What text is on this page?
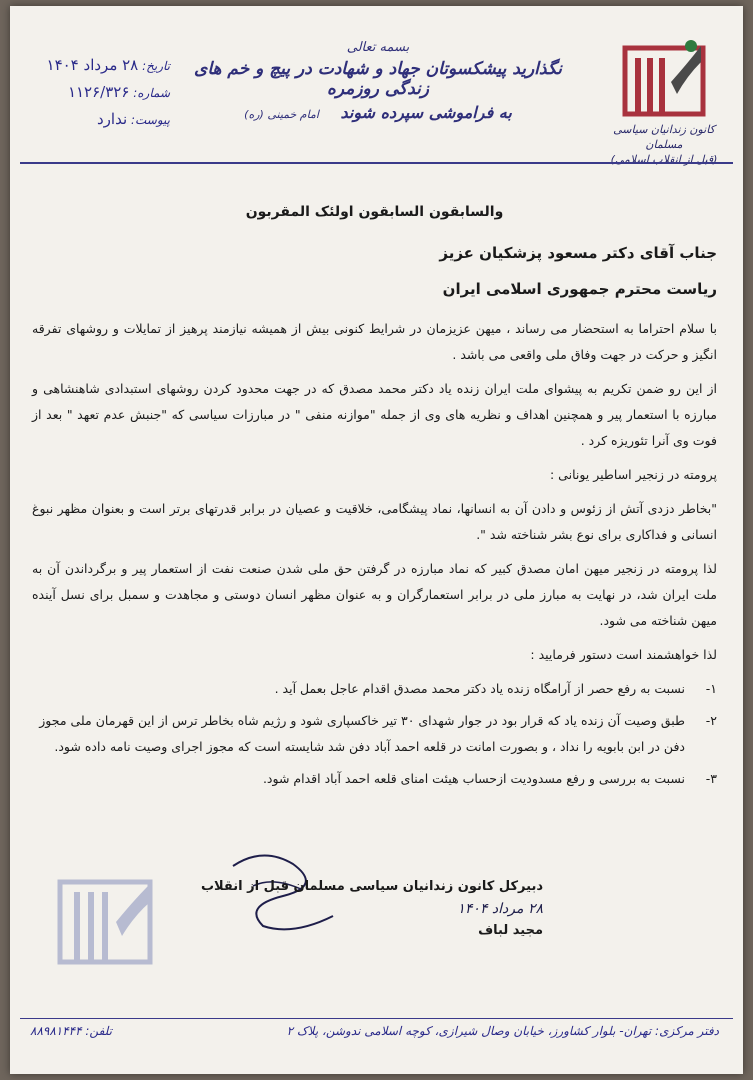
کانون زندانیان سیاسی مسلمان
(قبل از انقلاب اسلامی)
بسمه تعالی
نگذارید پیشکسوتان جهاد و شهادت در پیچ و خم های زندگی روزمره
به فراموشی سپرده شوند امام خمینی (ره)
تاریخ: ۲۸ مرداد ۱۴۰۴
شماره: ۱۱۲۶/۳۲۶
پیوست: ندارد
والسابقون السابقون اولئک المقربون
جناب آقای دکتر مسعود پزشکیان عزیز
ریاست محترم جمهوری اسلامی ایران

با سلام احتراما به استحضار می رساند ، میهن عزیزمان در شرایط کنونی بیش از همیشه نیازمند پرهیز از تمایلات و روشهای تفرقه انگیز و حرکت در جهت وفاق ملی واقعی می باشد .

از این رو ضمن تکریم به پیشوای ملت ایران زنده یاد دکتر محمد مصدق که در جهت محدود کردن روشهای استبدادی شاهنشاهی و مبارزه با استعمار پیر و همچنین اهداف و نظریه های وی از جمله "موازنه منفی " در مبارزات سیاسی که "جنبش عدم تعهد " بعد از فوت وی آنرا تئوریزه کرد .

پرومته در زنجیر اساطیر یونانی :

"بخاطر دزدی آتش از زئوس و دادن آن به انسانها، نماد پیشگامی، خلاقیت و عصیان در برابر قدرتهای برتر است و بعنوان مظهر نبوغ انسانی و فداکاری برای نوع بشر شناخته شد ".

لذا پرومته در زنجیر میهن امان مصدق کبیر که نماد مبارزه در گرفتن حق ملی شدن صنعت نفت از استعمار پیر و برگرداندن آن به ملت ایران شد، در نهایت به مبارز ملی در برابر استعمارگران و به عنوان مظهر انسان دوستی و مجاهدت و سمبل برای نسل آینده میهن شناخته می شود.

لذا خواهشمند است دستور فرمایید :

۱-
نسبت به رفع حصر از آرامگاه زنده یاد دکتر محمد مصدق اقدام عاجل بعمل آید .
۲-
طبق وصیت آن زنده یاد که قرار بود در جوار شهدای ۳۰ تیر خاکسپاری شود و رژیم شاه بخاطر ترس از این قهرمان ملی مجوز دفن در ابن بابویه را نداد ، و بصورت امانت در قلعه احمد آباد دفن شد شایسته است که مجوز اجرای وصیت نامه داده شود.
۳-
نسبت به بررسی و رفع مسدودیت ازحساب هیئت امنای قلعه احمد آباد اقدام شود.
دبیرکل کانون زندانیان سیاسی مسلمان قبل از انقلاب
۲۸ مرداد ۱۴۰۴
مجید لباف
دفتر مرکزی: تهران- بلوار کشاورز، خیابان وصال شیرازی، کوچه اسلامی ندوشن، پلاک ۲
تلفن: ۸۸۹۸۱۴۴۴
